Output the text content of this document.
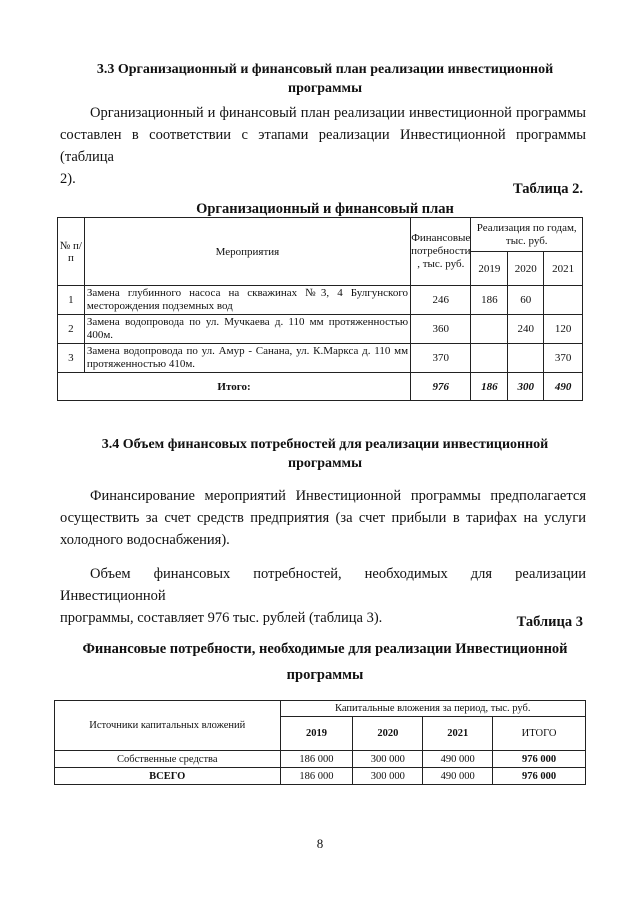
3.3 Организационный и финансовый план реализации инвестиционной
программы
Организационный и финансовый план реализации инвестиционной программы
составлен в соответствии с этапами реализации Инвестиционной программы (таблица
2).
Таблица 2.
Организационный и финансовый план
№ п/п	Мероприятия	Финансовые потребности , тыс. руб.	Реализация по годам, тыс. руб.		
			2019	2020	2021
1	Замена глубинного насоса на скважинах №3, 4 Булгунского месторождения подземных вод	246	186	60	
2	Замена водопровода по ул. Мучкаева д. 110 мм протяженностью 400м.	360		240	120
3	Замена водопровода по ул. Амур - Санана, ул. К.Маркса д. 110 мм протяженностью 410м.	370			370
Итого:		976	186	300	490
3.4 Объем финансовых потребностей для реализации инвестиционной
программы
Финансирование мероприятий Инвестиционной программы предполагается
осуществить за счет средств предприятия (за счет прибыли в тарифах на услуги
холодного водоснабжения).
Объем финансовых потребностей, необходимых для реализации Инвестиционной
программы, составляет 976 тыс. рублей (таблица 3).	Таблица 3
Финансовые потребности, необходимые для реализации Инвестиционной
программы
Источники капитальных вложений	Капитальные вложения за период, тыс. руб.			
	2019	2020	2021	ИТОГО
Собственные средства	186 000	300 000	490 000	976 000
ВСЕГО	186 000	300 000	490 000	976 000
8
